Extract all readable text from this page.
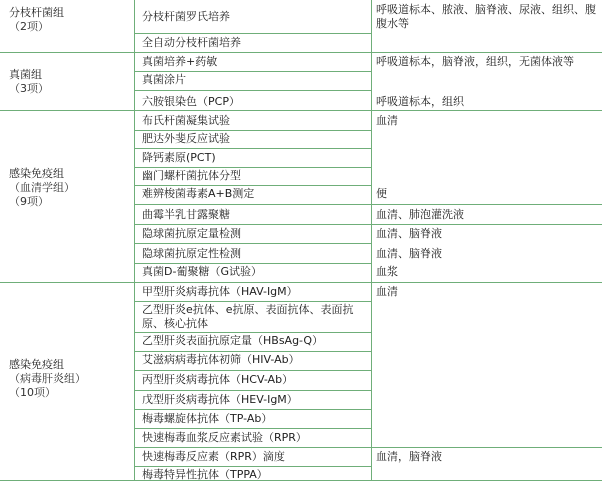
分枝杆菌组
（2项）
真菌组
（3项）
感染免疫组
（血清学组）
（9项）
感染免疫组
（病毒肝炎组）
（10项）
分枝杆菌罗氏培养
全自动分枝杆菌培养
真菌培养+药敏
真菌涂片
六胺银染色（PCP）
布氏杆菌凝集试验
肥达外斐反应试验
降钙素原(PCT)
幽门螺杆菌抗体分型
难辨梭菌毒素A+B测定
曲霉半乳甘露聚糖
隐球菌抗原定量检测
隐球菌抗原定性检测
真菌D-葡聚糖（G试验）
甲型肝炎病毒抗体（HAV-IgM）
乙型肝炎e抗体、e抗原、表面抗体、表面抗原、核心抗体
乙型肝炎表面抗原定量（HBsAg-Q）
艾滋病病毒抗体初筛（HIV-Ab）
丙型肝炎病毒抗体（HCV-Ab）
戊型肝炎病毒抗体（HEV-IgM）
梅毒螺旋体抗体（TP-Ab）
快速梅毒血浆反应素试验（RPR）
快速梅毒反应素（RPR）滴度
梅毒特异性抗体（TPPA）
呼吸道标本、脓液、脑脊液、尿液、组织、腹腹水等
呼吸道标本，脑脊液，组织，无菌体液等
呼吸道标本，组织
血清
便
血清、肺泡灌洗液
血清、脑脊液
血清、脑脊液
血浆
血清
血清，脑脊液
